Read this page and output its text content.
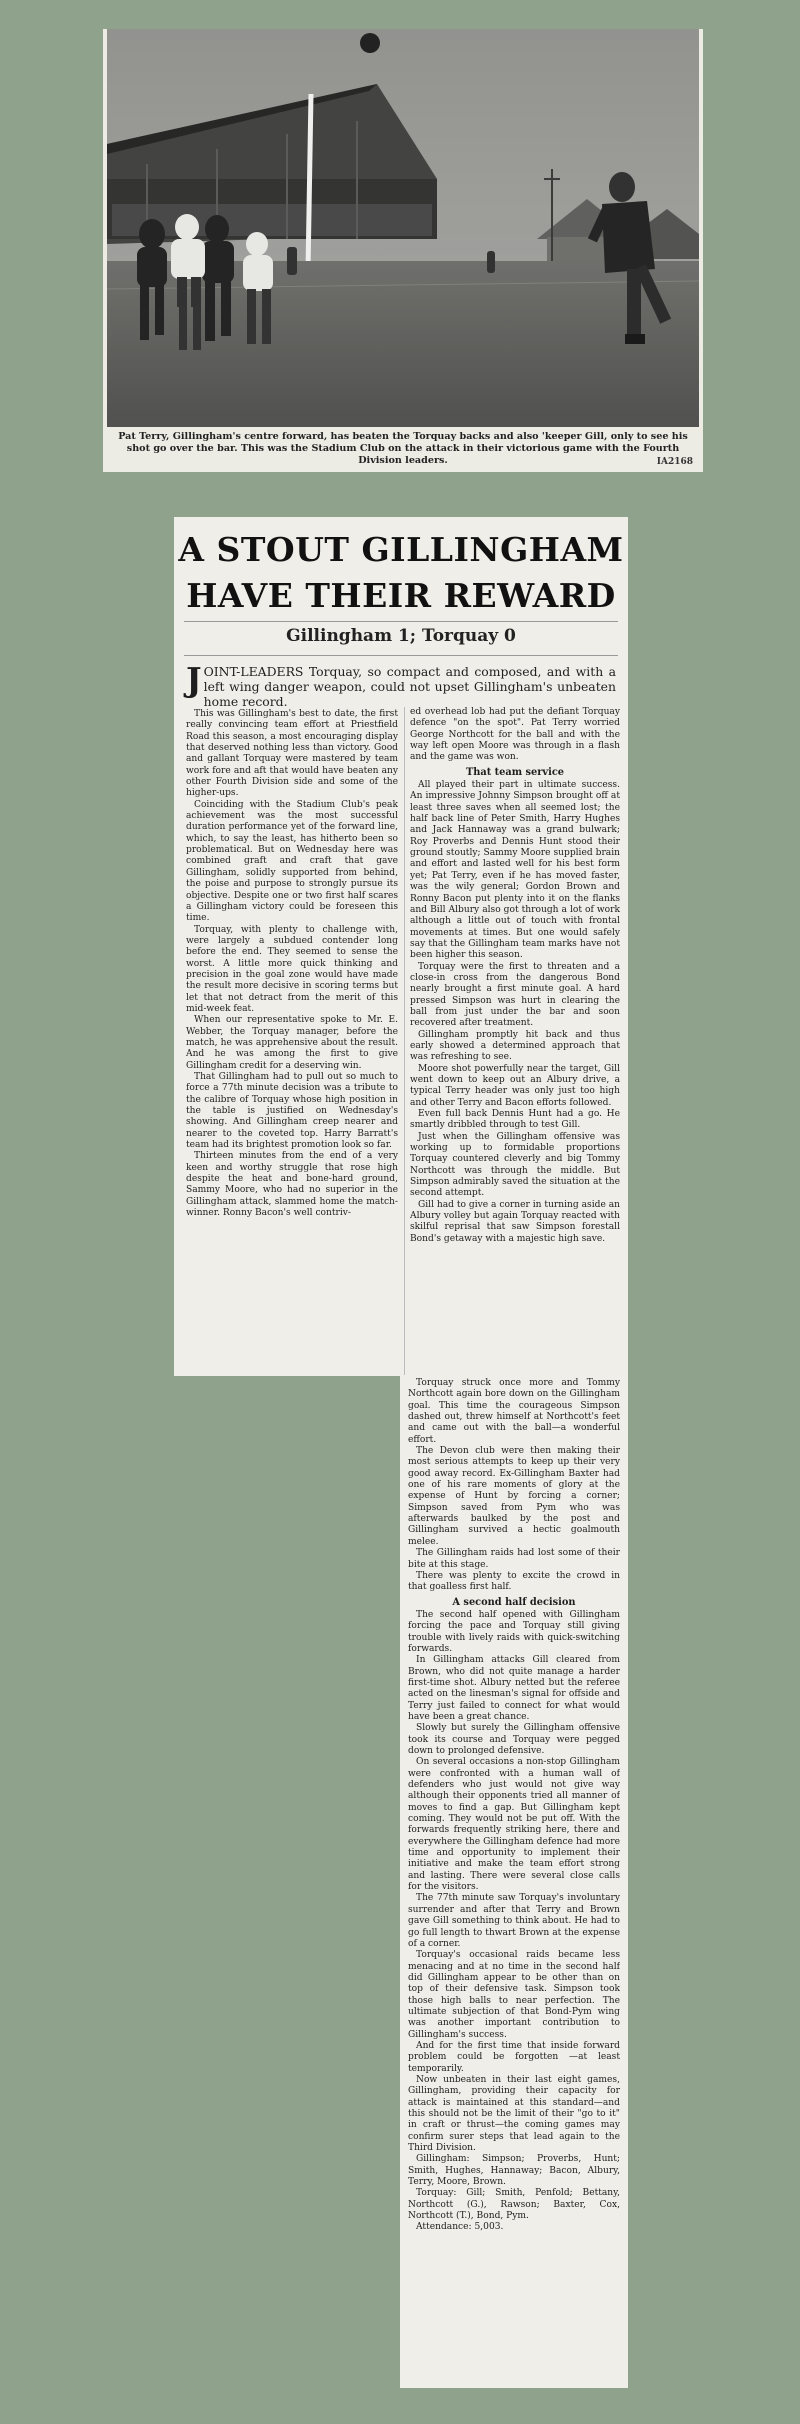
Pat Terry, Gillingham's centre forward, has beaten the Torquay backs and also 'keeper Gill, only to see his shot go over the bar. This was the Stadium Club on the attack in their victorious game with the Fourth Division leaders.	IA2168
A STOUT GILLINGHAM
HAVE THEIR REWARD
Gillingham 1; Torquay 0
JOINT-LEADERS Torquay, so compact and composed, and with a left wing danger weapon, could not upset Gillingham's unbeaten home record.

This was Gillingham's best to date, the first really convincing team effort at Priestfield Road this season, a most encouraging display that deserved nothing less than victory. Good and gallant Torquay were mastered by team work fore and aft that would have beaten any other Fourth Division side and some of the higher-ups.

Coinciding with the Stadium Club's peak achievement was the most successful duration performance yet of the forward line, which, to say the least, has hitherto been so problematical. But on Wednesday here was combined graft and craft that gave Gillingham, solidly supported from behind, the poise and purpose to strongly pursue its objective. Despite one or two first half scares a Gillingham victory could be foreseen this time.

Torquay, with plenty to challenge with, were largely a subdued contender long before the end. They seemed to sense the worst. A little more quick thinking and precision in the goal zone would have made the result more decisive in scoring terms but let that not detract from the merit of this mid-week feat.

When our representative spoke to Mr. E. Webber, the Torquay manager, before the match, he was apprehensive about the result. And he was among the first to give Gillingham credit for a deserving win.

That Gillingham had to pull out so much to force a 77th minute decision was a tribute to the calibre of Torquay whose high position in the table is justified on Wednesday's showing. And Gillingham creep nearer and nearer to the coveted top. Harry Barratt's team had its brightest promotion look so far.

Thirteen minutes from the end of a very keen and worthy struggle that rose high despite the heat and bone-hard ground, Sammy Moore, who had no superior in the Gillingham attack, slammed home the match-winner. Ronny Bacon's well contriv-

ed overhead lob had put the defiant Torquay defence "on the spot". Pat Terry worried George Northcott for the ball and with the way left open Moore was through in a flash and the game was won.

That team service

All played their part in ultimate success. An impressive Johnny Simpson brought off at least three saves when all seemed lost; the half back line of Peter Smith, Harry Hughes and Jack Hannaway was a grand bulwark; Roy Proverbs and Dennis Hunt stood their ground stoutly; Sammy Moore supplied brain and effort and lasted well for his best form yet; Pat Terry, even if he has moved faster, was the wily general; Gordon Brown and Ronny Bacon put plenty into it on the flanks and Bill Albury also got through a lot of work although a little out of touch with frontal movements at times. But one would safely say that the Gillingham team marks have not been higher this season.

Torquay were the first to threaten and a close-in cross from the dangerous Bond nearly brought a first minute goal. A hard pressed Simpson was hurt in clearing the ball from just under the bar and soon recovered after treatment.

Gillingham promptly hit back and thus early showed a determined approach that was refreshing to see.

Moore shot powerfully near the target, Gill went down to keep out an Albury drive, a typical Terry header was only just too high and other Terry and Bacon efforts followed.

Even full back Dennis Hunt had a go. He smartly dribbled through to test Gill.

Just when the Gillingham offensive was working up to formidable proportions Torquay countered cleverly and big Tommy Northcott was through the middle. But Simpson admirably saved the situation at the second attempt.

Gill had to give a corner in turning aside an Albury volley but again Torquay reacted with skilful reprisal that saw Simpson forestall Bond's getaway with a majestic high save.

Torquay struck once more and Tommy Northcott again bore down on the Gillingham goal. This time the courageous Simpson dashed out, threw himself at Northcott's feet and came out with the ball—a wonderful effort.

The Devon club were then making their most serious attempts to keep up their very good away record. Ex-Gillingham Baxter had one of his rare moments of glory at the expense of Hunt by forcing a corner; Simpson saved from Pym who was afterwards baulked by the post and Gillingham survived a hectic goalmouth melee.

The Gillingham raids had lost some of their bite at this stage.

There was plenty to excite the crowd in that goalless first half.

A second half decision

The second half opened with Gillingham forcing the pace and Torquay still giving trouble with lively raids with quick-switching forwards.

In Gillingham attacks Gill cleared from Brown, who did not quite manage a harder first-time shot. Albury netted but the referee acted on the linesman's signal for offside and Terry just failed to connect for what would have been a great chance.

Slowly but surely the Gillingham offensive took its course and Torquay were pegged down to prolonged defensive.

On several occasions a non-stop Gillingham were confronted with a human wall of defenders who just would not give way although their opponents tried all manner of moves to find a gap. But Gillingham kept coming. They would not be put off. With the forwards frequently striking here, there and everywhere the Gillingham defence had more time and opportunity to implement their initiative and make the team effort strong and lasting. There were several close calls for the visitors.

The 77th minute saw Torquay's involuntary surrender and after that Terry and Brown gave Gill something to think about. He had to go full length to thwart Brown at the expense of a corner.

Torquay's occasional raids became less menacing and at no time in the second half did Gillingham appear to be other than on top of their defensive task. Simpson took those high balls to near perfection. The ultimate subjection of that Bond-Pym wing was another important contribution to Gillingham's success.

And for the first time that inside forward problem could be forgotten —at least temporarily.

Now unbeaten in their last eight games, Gillingham, providing their capacity for attack is maintained at this standard—and this should not be the limit of their "go to it" in craft or thrust—the coming games may confirm surer steps that lead again to the Third Division.

Gillingham: Simpson; Proverbs, Hunt; Smith, Hughes, Hannaway; Bacon, Albury, Terry, Moore, Brown.

Torquay: Gill; Smith, Penfold; Bettany, Northcott (G.), Rawson; Baxter, Cox, Northcott (T.), Bond, Pym.

Attendance: 5,003.
